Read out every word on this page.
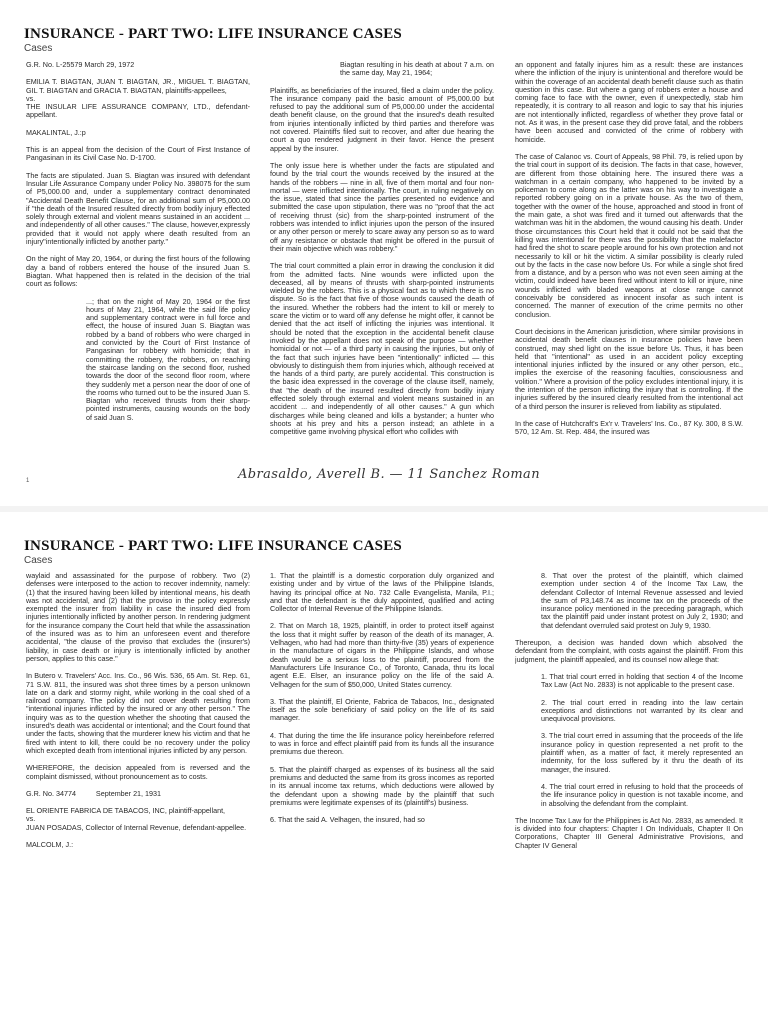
INSURANCE - PART TWO: LIFE INSURANCE CASES
Cases

G.R. No. L-25579 March 29, 1972

EMILIA T. BIAGTAN, JUAN T. BIAGTAN, JR., MIGUEL T. BIAGTAN, GIL T. BIAGTAN and GRACIA T. BIAGTAN, plaintiffs-appellees,
vs.
THE INSULAR LIFE ASSURANCE COMPANY, LTD., defendant-appellant.

MAKALINTAL, J.:p

This is an appeal from the decision of the Court of First Instance of Pangasinan in its Civil Case No. D-1700.

The facts are stipulated. Juan S. Biagtan was insured with defendant Insular Life Assurance Company under Policy No. 398075 for the sum of P5,000.00 and, under a supplementary contract denominated "Accidental Death Benefit Clause, for an additional sum of P5,000.00 if "the death of the Insured resulted directly from bodily injury effected solely through external and violent means sustained in an accident ... and independently of all other causes." The clause, however,expressly provided that it would not apply where death resulted from an injury"intentionally inflicted by another party."

On the night of May 20, 1964, or during the first hours of the following day a band of robbers entered the house of the insured Juan S. Biagtan. What happened then is related in the decision of the trial court as follows:

...; that on the night of May 20, 1964 or the first hours of May 21, 1964, while the said life policy and supplementary contract were in full force and effect, the house of insured Juan S. Biagtan was robbed by a band of robbers who were charged in and convicted by the Court of First Instance of Pangasinan for robbery with homicide; that in committing the robbery, the robbers, on reaching the staircase landing on the second floor, rushed towards the door of the second floor room, where they suddenly met a person near the door of one of the rooms who turned out to be the insured Juan S. Biagtan who received thrusts from their sharp-pointed instruments, causing wounds on the body of said Juan S.

Biagtan resulting in his death at about 7 a.m. on the same day, May 21, 1964;

Plaintiffs, as beneficiaries of the insured, filed a claim under the policy. The insurance company paid the basic amount of P5,000.00 but refused to pay the additional sum of P5,000.00 under the accidental death benefit clause, on the ground that the insured's death resulted from injuries intentionally inflicted by third parties and therefore was not covered. Plaintiffs filed suit to recover, and after due hearing the court a quo rendered judgment in their favor. Hence the present appeal by the insurer.

The only issue here is whether under the facts are stipulated and found by the trial court the wounds received by the insured at the hands of the robbers — nine in all, five of them mortal and four non-mortal — were inflicted intentionally. The court, in ruling negatively on the issue, stated that since the parties presented no evidence and submitted the case upon stipulation, there was no "proof that the act of receiving thrust (sic) from the sharp-pointed instrument of the robbers was intended to inflict injuries upon the person of the insured or any other person or merely to scare away any person so as to ward off any resistance or obstacle that might be offered in the pursuit of their main objective which was robbery."

The trial court committed a plain error in drawing the conclusion it did from the admitted facts. Nine wounds were inflicted upon the deceased, all by means of thrusts with sharp-pointed instruments wielded by the robbers. This is a physical fact as to which there is no dispute. So is the fact that five of those wounds caused the death of the insured. Whether the robbers had the intent to kill or merely to scare the victim or to ward off any defense he might offer, it cannot be denied that the act itself of inflicting the injuries was intentional. It should be noted that the exception in the accidental benefit clause invoked by the appellant does not speak of the purpose — whether homicidal or not — of a third party in causing the injuries, but only of the fact that such injuries have been "intentionally" inflicted — this obviously to distinguish them from injuries which, although received at the hands of a third party, are purely accidental. This construction is the basic idea expressed in the coverage of the clause itself, namely, that "the death of the insured resulted directly from bodily injury effected solely through external and violent means sustained in an accident ... and independently of all other causes." A gun which discharges while being cleaned and kills a bystander; a hunter who shoots at his prey and hits a person instead; an athlete in a competitive game involving physical effort who collides with

an opponent and fatally injures him as a result: these are instances where the infliction of the injury is unintentional and therefore would be within the coverage of an accidental death benefit clause such as thatin question in this case. But where a gang of robbers enter a house and coming face to face with the owner, even if unexpectedly, stab him repeatedly, it is contrary to all reason and logic to say that his injuries are not intentionally inflicted, regardless of whether they prove fatal or not. As it was, in the present case they did prove fatal, and the robbers have been accused and convicted of the crime of robbery with homicide.

The case of Calanoc vs. Court of Appeals, 98 Phil. 79, is relied upon by the trial court in support of its decision. The facts in that case, however, are different from those obtaining here. The insured there was a watchman in a certain company, who happened to be invited by a policeman to come along as the latter was on his way to investigate a reported robbery going on in a private house. As the two of them, together with the owner of the house, approached and stood in front of the main gate, a shot was fired and it turned out afterwards that the watchman was hit in the abdomen, the wound causing his death. Under those circumstances this Court held that it could not be said that the killing was intentional for there was the possibility that the malefactor had fired the shot to scare people around for his own protection and not necessarily to kill or hit the victim. A similar possibility is clearly ruled out by the facts in the case now before Us. For while a single shot fired from a distance, and by a person who was not even seen aiming at the victim, could indeed have been fired without intent to kill or injure, nine wounds inflicted with bladed weapons at close range cannot conceivably be considered as innocent insofar as such intent is concerned. The manner of execution of the crime permits no other conclusion.

Court decisions in the American jurisdiction, where similar provisions in accidental death benefit clauses in insurance policies have been construed, may shed light on the issue before Us. Thus, it has been held that "intentional" as used in an accident policy excepting intentional injuries inflicted by the insured or any other person, etc., implies the exercise of the reasoning faculties, consciousness and volition." Where a provision of the policy excludes intentional injury, it is the intention of the person inflicting the injury that is controlling. If the injuries suffered by the insured clearly resulted from the intentional act of a third person the insurer is relieved from liability as stipulated.

In the case of Hutchcraft's Ex'r v. Travelers' Ins. Co., 87 Ky. 300, 8 S.W. 570, 12 Am. St. Rep. 484, the insured was

1	Abrasaldo, Averell B. — 11 Sanchez Roman
INSURANCE - PART TWO: LIFE INSURANCE CASES
Cases

waylaid and assassinated for the purpose of robbery. Two (2) defenses were interposed to the action to recover indemnity, namely: (1) that the insured having been killed by intentional means, his death was not accidental, and (2) that the proviso in the policy expressly exempted the insurer from liability in case the insured died from injuries intentionally inflicted by another person. In rendering judgment for the insurance company the Court held that while the assassination of the insured was as to him an unforeseen event and therefore accidental, "the clause of the proviso that excludes the (insurer's) liability, in case death or injury is intentionally inflicted by another person, applies to this case."

In Butero v. Travelers' Acc. Ins. Co., 96 Wis. 536, 65 Am. St. Rep. 61, 71 S.W. 811, the insured was shot three times by a person unknown late on a dark and stormy night, while working in the coal shed of a railroad company. The policy did not cover death resulting from "intentional injuries inflicted by the insured or any other person." The inquiry was as to the question whether the shooting that caused the insured's death was accidental or intentional; and the Court found that under the facts, showing that the murderer knew his victim and that he fired with intent to kill, there could be no recovery under the policy which excepted death from intentional injuries inflicted by any person.

WHEREFORE, the decision appealed from is reversed and the complaint dismissed, without pronouncement as to costs.

G.R. No. 34774          September 21, 1931

EL ORIENTE FABRICA DE TABACOS, INC, plaintiff-appellant,
vs.
JUAN POSADAS, Collector of Internal Revenue, defendant-appellee.

MALCOLM, J.:

1. That the plaintiff is a domestic corporation duly organized and existing under and by virtue of the laws of the Philippine Islands, having its principal office at No. 732 Calle Evangelista, Manila, P.I.; and that the defendant is the duly appointed, qualified and acting Collector of Internal Revenue of the Philippine Islands.

2. That on March 18, 1925, plaintiff, in order to protect itself against the loss that it might suffer by reason of the death of its manager, A. Velhagen, who had had more than thirty-five (35) years of experience in the manufacture of cigars in the Philippine Islands, and whose death would be a serious loss to the plaintiff, procured from the Manufacturers Life Insurance Co., of Toronto, Canada, thru its local agent E.E. Elser, an insurance policy on the life of the said A. Velhagen for the sum of $50,000, United States currency.

3. That the plaintiff, El Oriente, Fabrica de Tabacos, Inc., designated itself as the sole beneficiary of said policy on the life of its said manager.

4. That during the time the life insurance policy hereinbefore referred to was in force and effect plaintiff paid from its funds all the insurance premiums due thereon.

5. That the plaintiff charged as expenses of its business all the said premiums and deducted the same from its gross incomes as reported in its annual income tax returns, which deductions were allowed by the defendant upon a showing made by the plaintiff that such premiums were legitimate expenses of its (plaintiff's) business.

6. That the said A. Velhagen, the insured, had so

8. That over the protest of the plaintiff, which claimed exemption under section 4 of the Income Tax Law, the defendant Collector of Internal Revenue assessed and levied the sum of P3,148.74 as income tax on the proceeds of the insurance policy mentioned in the preceding paragraph, which tax the plaintiff paid under instant protest on July 2, 1930; and that defendant overruled said protest on July 9, 1930.

Thereupon, a decision was handed down which absolved the defendant from the complaint, with costs against the plaintiff. From this judgment, the plaintiff appealed, and its counsel now allege that:

1. That trial court erred in holding that section 4 of the Income Tax Law (Act No. 2833) is not applicable to the present case.

2. The trial court erred in reading into the law certain exceptions and distinctions not warranted by its clear and unequivocal provisions.

3. The trial court erred in assuming that the proceeds of the life insurance policy in question represented a net profit to the plaintiff when, as a matter of fact, it merely represented an indemnity, for the loss suffered by it thru the death of its manager, the insured.

4. The trial court erred in refusing to hold that the proceeds of the life insurance policy in question is not taxable income, and in absolving the defendant from the complaint.

The Income Tax Law for the Philippines is Act No. 2833, as amended. It is divided into four chapters: Chapter I On Individuals, Chapter II On Corporations, Chapter III General Administrative Provisions, and Chapter IV General
